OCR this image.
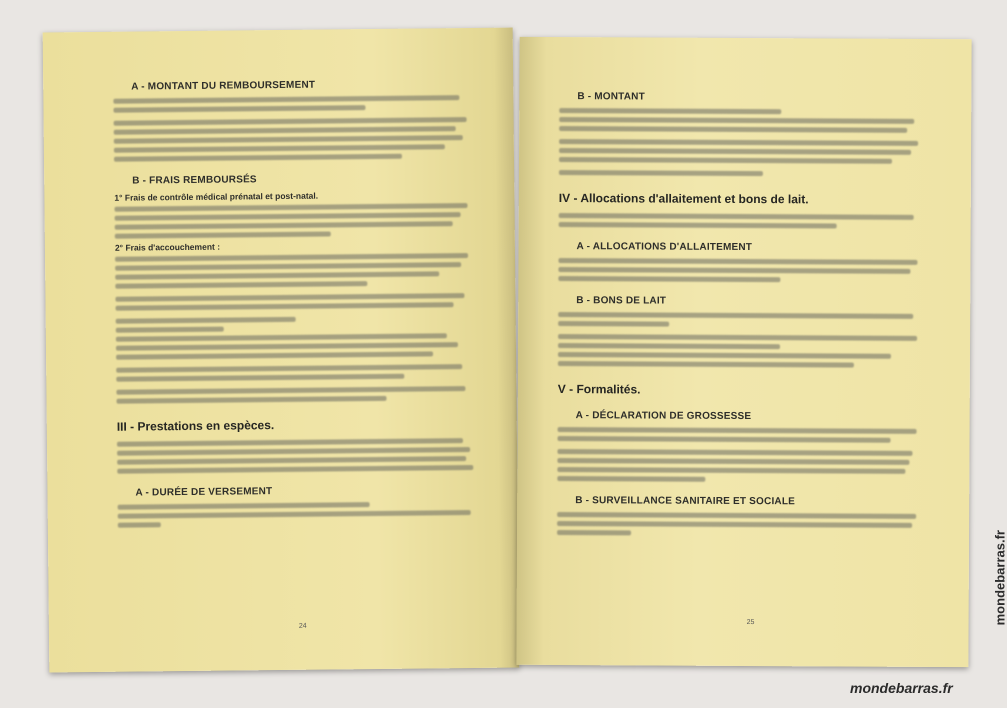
A - MONTANT DU REMBOURSEMENT
B - FRAIS REMBOURSÉS
1° Frais de contrôle médical prénatal et post-natal.
2° Frais d'accouchement :
III - Prestations en espèces.
A - DURÉE DE VERSEMENT
24
B - MONTANT
IV - Allocations d'allaitement et bons de lait.
A - ALLOCATIONS D'ALLAITEMENT
B - BONS DE LAIT
V - Formalités.
A - DÉCLARATION DE GROSSESSE
B - SURVEILLANCE SANITAIRE ET SOCIALE
25	mondebarras.fr
mondebarras.fr
